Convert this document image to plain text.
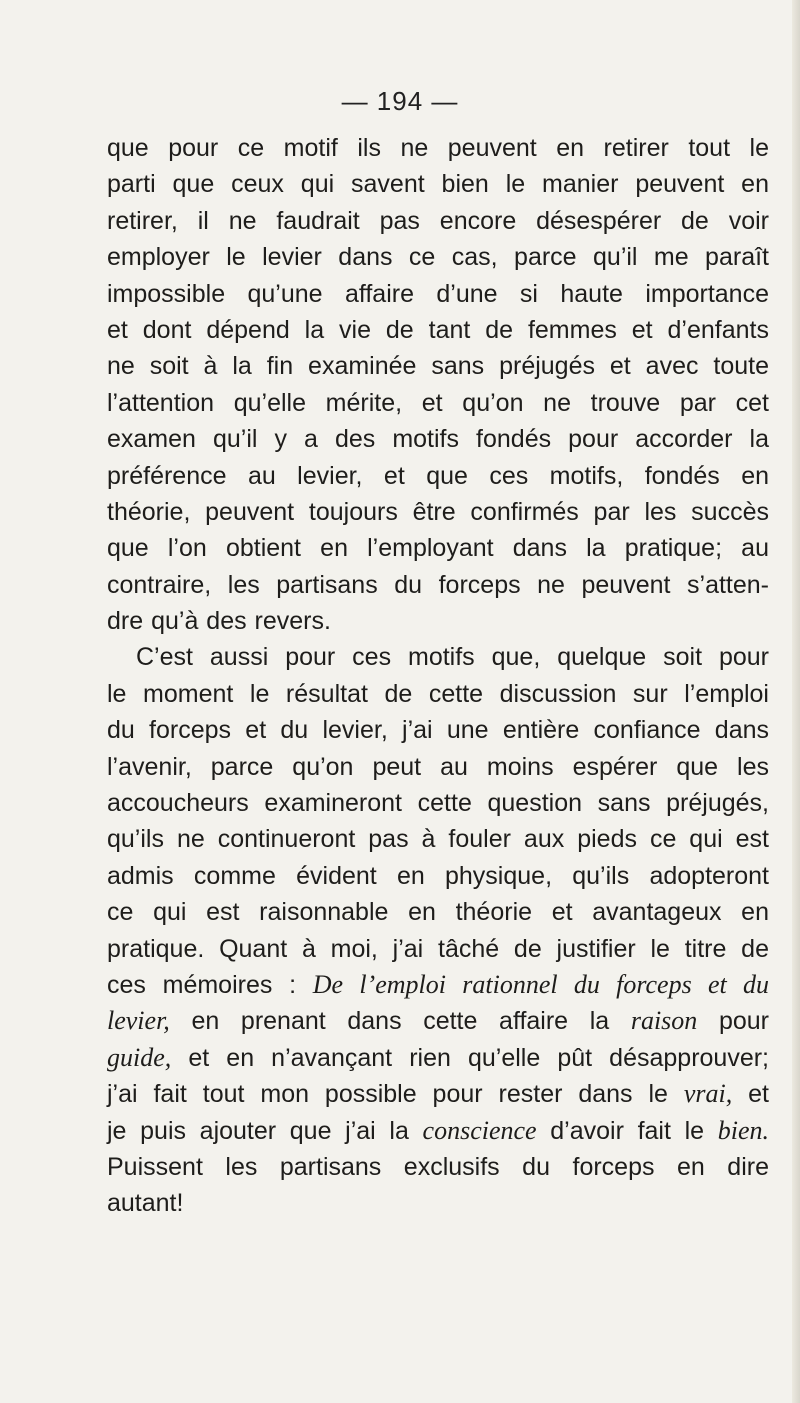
— 194 —
que pour ce motif ils ne peuvent en retirer tout le
parti que ceux qui savent bien le manier peuvent en
retirer, il ne faudrait pas encore désespérer de voir
employer le levier dans ce cas, parce qu’il me paraît
impossible qu’une affaire d’une si haute importance
et dont dépend la vie de tant de femmes et d’enfants
ne soit à la fin examinée sans préjugés et avec toute
l’attention qu’elle mérite, et qu’on ne trouve par cet
examen qu’il y a des motifs fondés pour accorder la
préférence au levier, et que ces motifs, fondés en
théorie, peuvent toujours être confirmés par les succès
que l’on obtient en l’employant dans la pratique; au
contraire, les partisans du forceps ne peuvent s’atten-
dre qu’à des revers.
C’est aussi pour ces motifs que, quelque soit pour
le moment le résultat de cette discussion sur l’emploi
du forceps et du levier, j’ai une entière confiance dans
l’avenir, parce qu’on peut au moins espérer que les
accoucheurs examineront cette question sans préjugés,
qu’ils ne continueront pas à fouler aux pieds ce qui est
admis comme évident en physique, qu’ils adopteront
ce qui est raisonnable en théorie et avantageux en
pratique. Quant à moi, j’ai tâché de justifier le titre de
ces mémoires : De l’emploi rationnel du forceps et du
levier, en prenant dans cette affaire la raison pour
guide, et en n’avançant rien qu’elle pût désapprouver;
j’ai fait tout mon possible pour rester dans le vrai, et
je puis ajouter que j’ai la conscience d’avoir fait le bien.
Puissent les partisans exclusifs du forceps en dire
autant!
